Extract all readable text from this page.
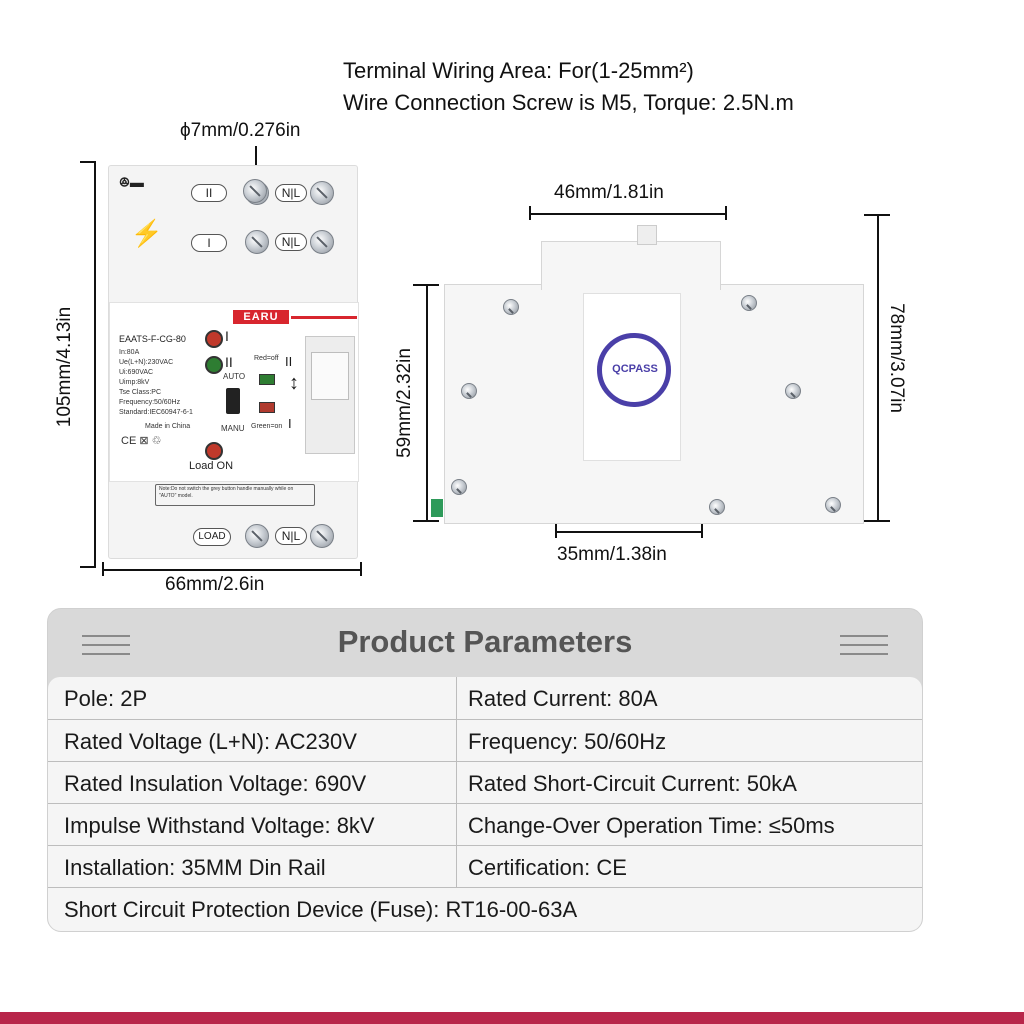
Terminal Wiring Area: For(1-25mm²)
Wire Connection Screw is M5, Torque: 2.5N.m
ϕ7mm/0.276in
105mm/4.13in
66mm/2.6in
ꔮ▬
II	N|L
⚡	I	N|L
EARU
EAATS-F-CG-80
In:80A
Ue(L+N):230VAC
Ui:690VAC
Uimp:8kV
Tse Class:PC
Frequency:50/60Hz
Standard:IEC60947-6-1
Made in China
CE ⊠ ♲
I
II
AUTO
MANU
Red=off
Green=on
II
↕
I
Load ON
Note:Do not switch the grey button handle manually while on "AUTO" model.
LOAD	N|L
46mm/1.81in
59mm/2.32in	78mm/3.07in
35mm/1.38in
QCPASS
Product Parameters
Pole: 2P	Rated Current: 80A
Rated Voltage (L+N): AC230V	Frequency: 50/60Hz
Rated Insulation Voltage: 690V	Rated Short-Circuit Current: 50kA
Impulse Withstand Voltage: 8kV	Change-Over Operation Time: ≤50ms
Installation: 35MM Din Rail	Certification: CE
Short Circuit Protection Device (Fuse): RT16-00-63A
